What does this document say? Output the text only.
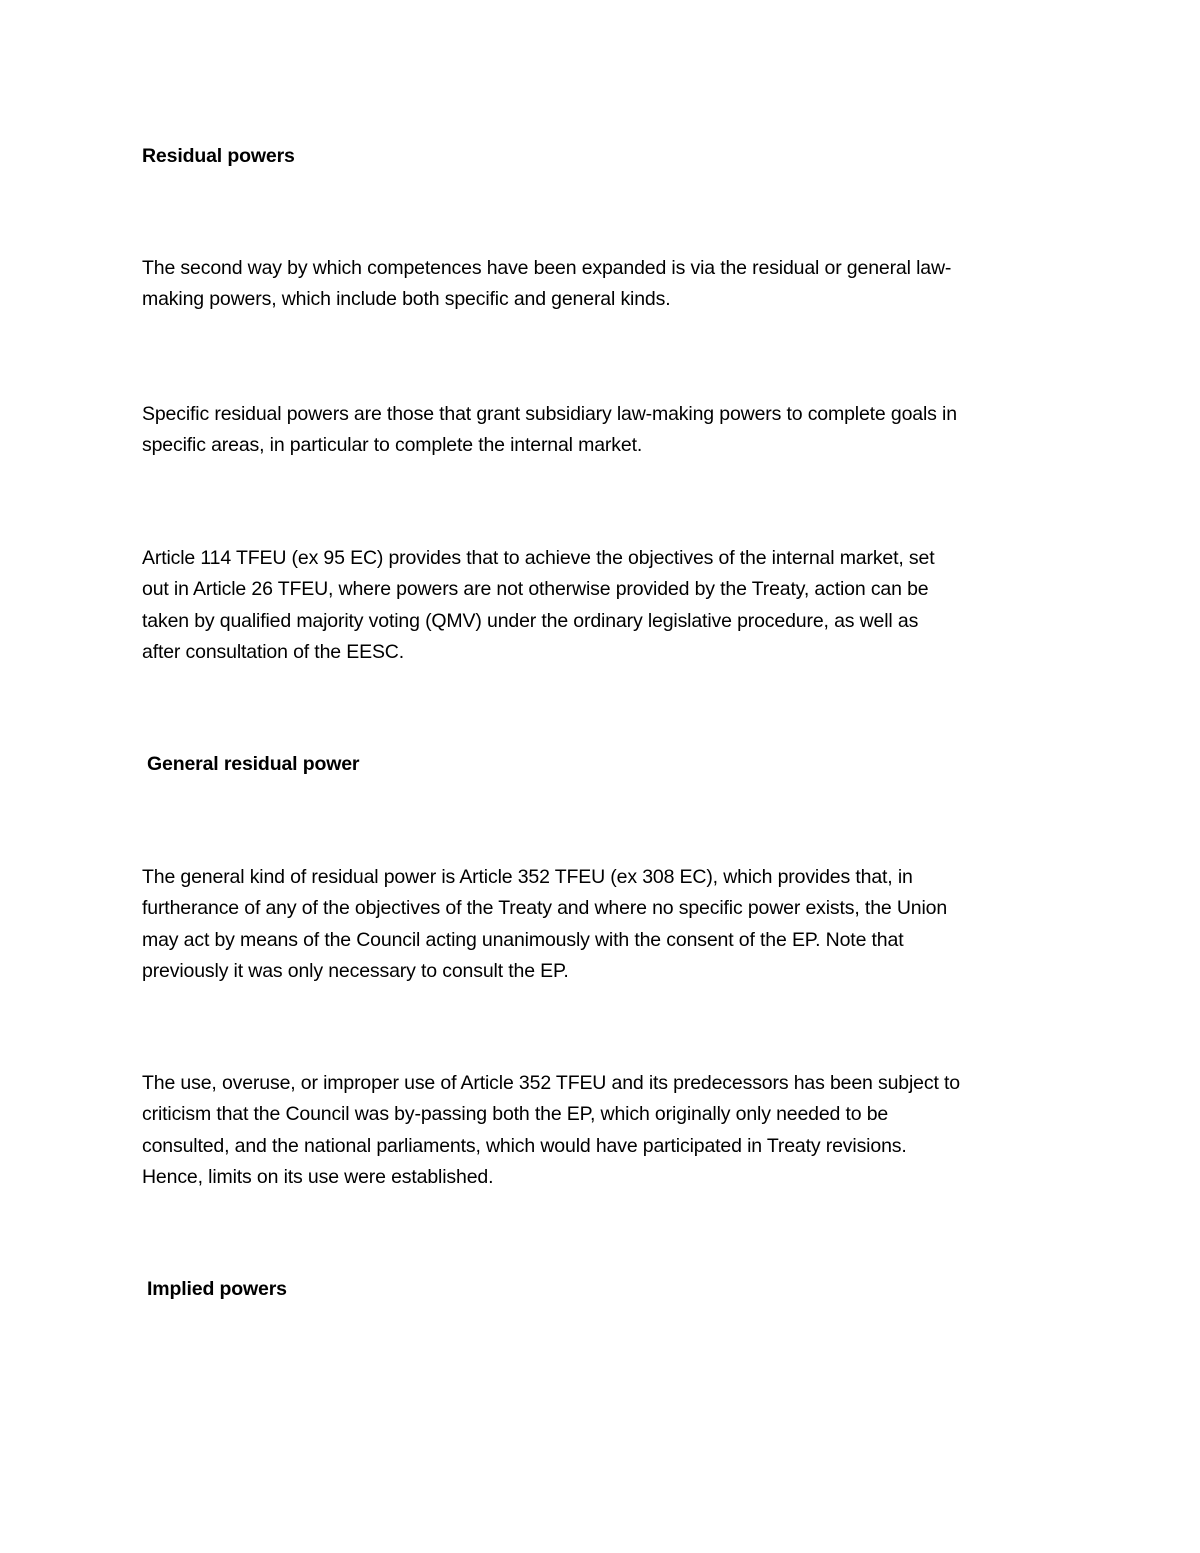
Residual powers
The second way by which competences have been expanded is via the residual or general law-
making powers, which include both specific and general kinds.
Specific residual powers are those that grant subsidiary law-making powers to complete goals in
specific areas, in particular to complete the internal market.
Article 114 TFEU (ex 95 EC) provides that to achieve the objectives of the internal market, set
out in Article 26 TFEU, where powers are not otherwise provided by the Treaty, action can be
taken by qualified majority voting (QMV) under the ordinary legislative procedure, as well as
after consultation of the EESC.
General residual power
The general kind of residual power is Article 352 TFEU (ex 308 EC), which provides that, in
furtherance of any of the objectives of the Treaty and where no specific power exists, the Union
may act by means of the Council acting unanimously with the consent of the EP. Note that
previously it was only necessary to consult the EP.
The use, overuse, or improper use of Article 352 TFEU and its predecessors has been subject to
criticism that the Council was by-passing both the EP, which originally only needed to be
consulted, and the national parliaments, which would have participated in Treaty revisions.
Hence, limits on its use were established.
Implied powers
